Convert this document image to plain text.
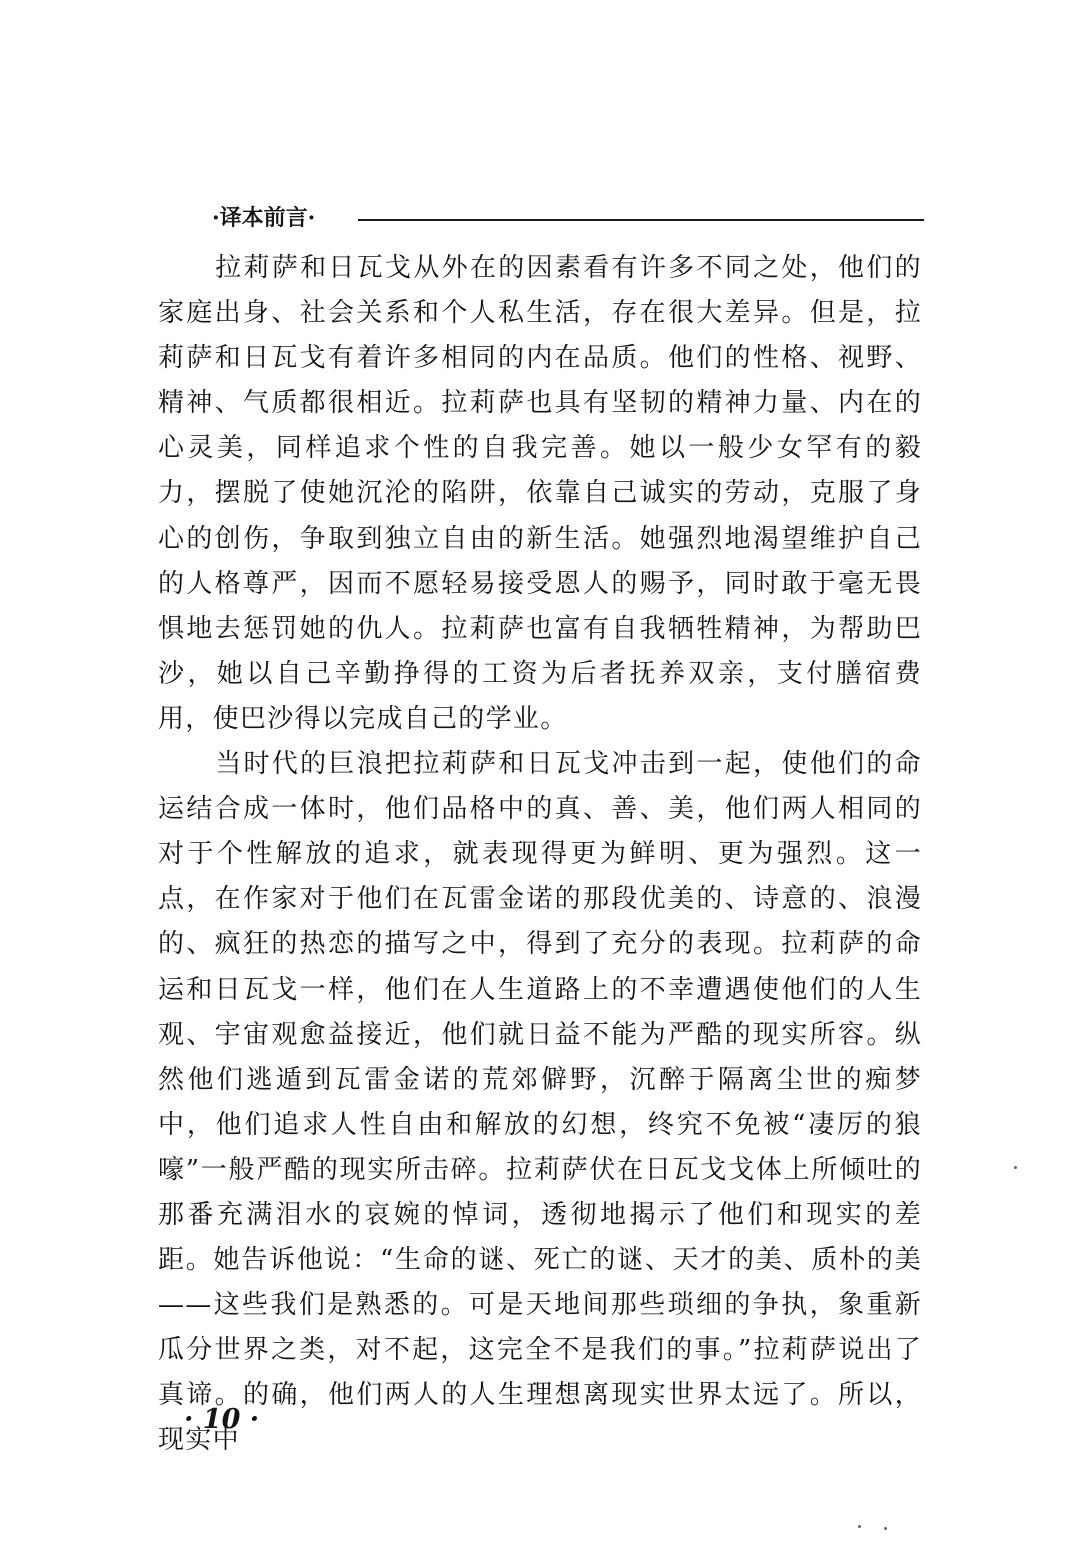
·译本前言·

拉莉萨和日瓦戈从外在的因素看有许多不同之处，他们的家庭出身、社会关系和个人私生活，存在很大差异。但是，拉莉萨和日瓦戈有着许多相同的内在品质。他们的性格、视野、精神、气质都很相近。拉莉萨也具有坚韧的精神力量、内在的心灵美，同样追求个性的自我完善。她以一般少女罕有的毅力，摆脱了使她沉沦的陷阱，依靠自己诚实的劳动，克服了身心的创伤，争取到独立自由的新生活。她强烈地渴望维护自己的人格尊严，因而不愿轻易接受恩人的赐予，同时敢于毫无畏惧地去惩罚她的仇人。拉莉萨也富有自我牺牲精神，为帮助巴沙，她以自己辛勤挣得的工资为后者抚养双亲，支付膳宿费用，使巴沙得以完成自己的学业。

当时代的巨浪把拉莉萨和日瓦戈冲击到一起，使他们的命运结合成一体时，他们品格中的真、善、美，他们两人相同的对于个性解放的追求，就表现得更为鲜明、更为强烈。这一点，在作家对于他们在瓦雷金诺的那段优美的、诗意的、浪漫的、疯狂的热恋的描写之中，得到了充分的表现。拉莉萨的命运和日瓦戈一样，他们在人生道路上的不幸遭遇使他们的人生观、宇宙观愈益接近，他们就日益不能为严酷的现实所容。纵然他们逃遁到瓦雷金诺的荒郊僻野，沉醉于隔离尘世的痴梦中，他们追求人性自由和解放的幻想，终究不免被“凄厉的狼嚎”一般严酷的现实所击碎。拉莉萨伏在日瓦戈戈体上所倾吐的那番充满泪水的哀婉的悼词，透彻地揭示了他们和现实的差距。她告诉他说：“生命的谜、死亡的谜、天才的美、质朴的美——这些我们是熟悉的。可是天地间那些琐细的争执，象重新瓜分世界之类，对不起，这完全不是我们的事。”拉莉萨说出了真谛。的确，他们两人的人生理想离现实世界太远了。所以，现实中

· 10 ·
